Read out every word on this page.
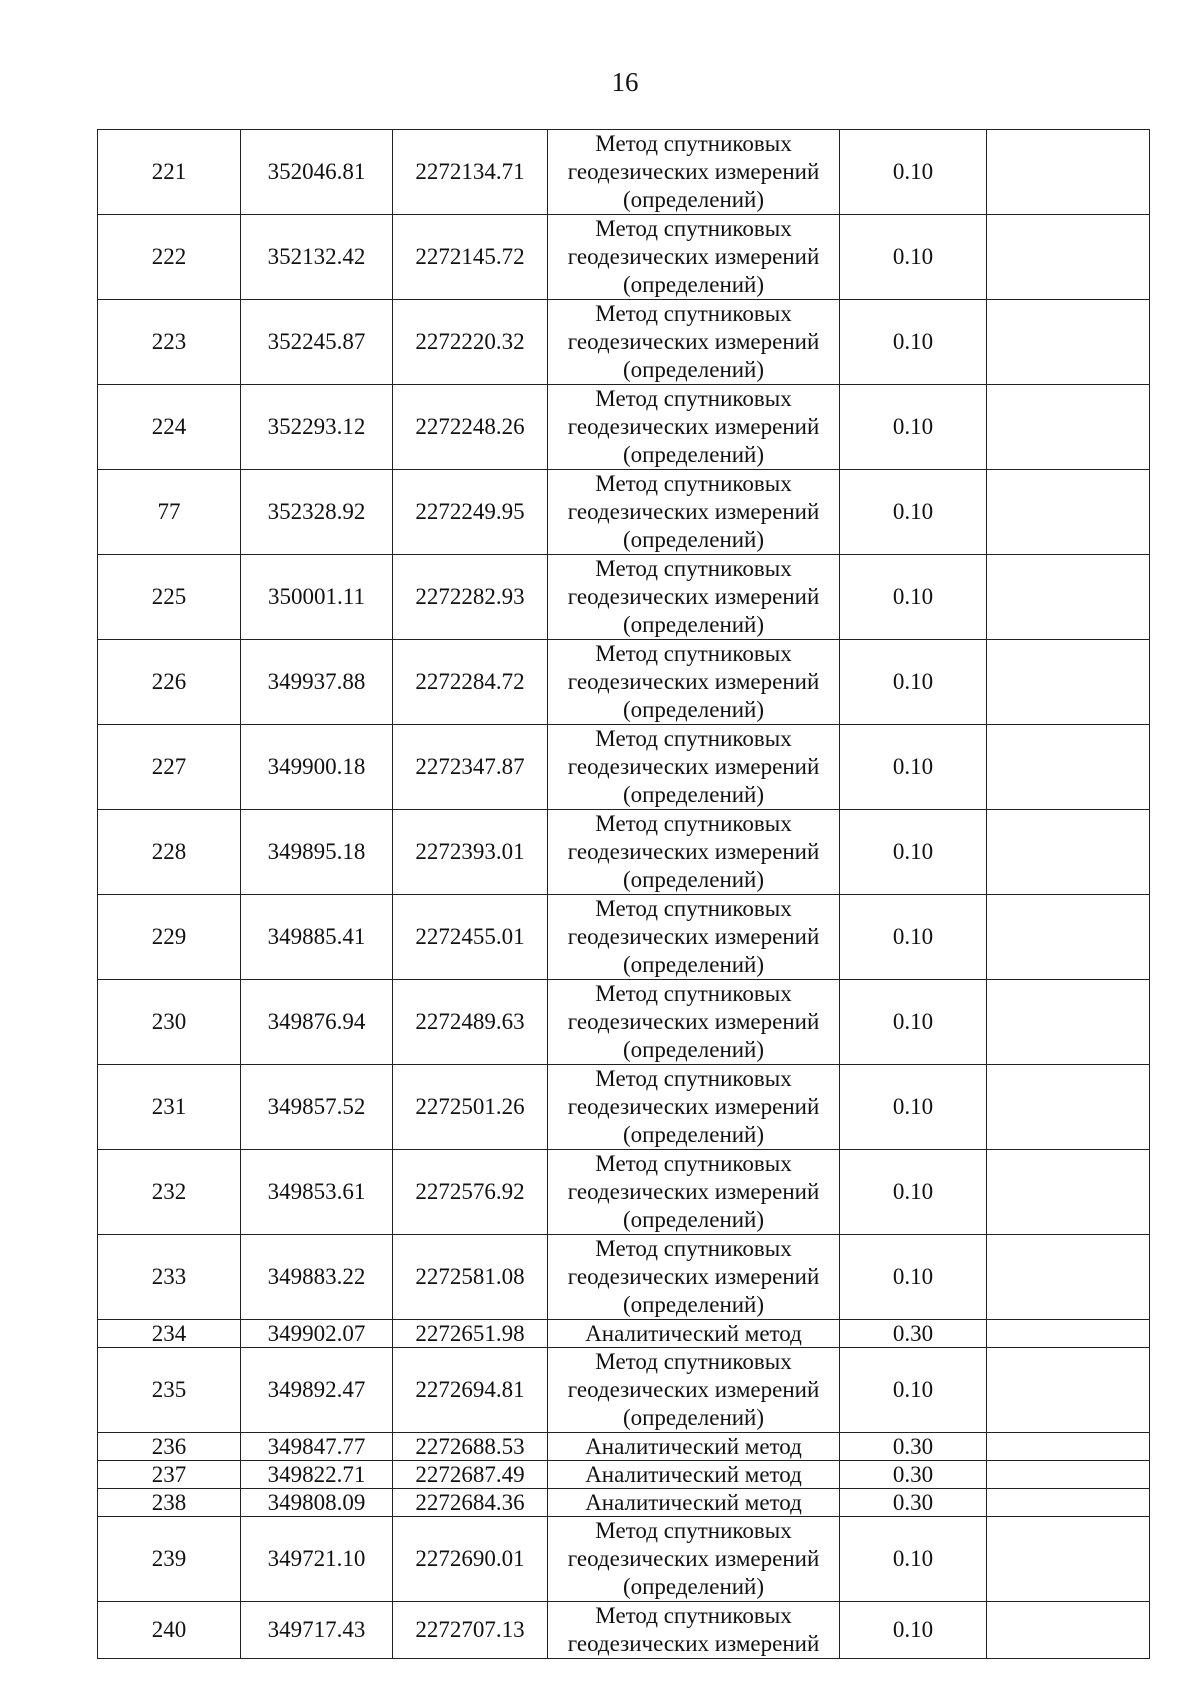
16
221	352046.81	2272134.71	Метод спутниковых
геодезических измерений
(определений)	0.10	
222	352132.42	2272145.72	Метод спутниковых
геодезических измерений
(определений)	0.10	
223	352245.87	2272220.32	Метод спутниковых
геодезических измерений
(определений)	0.10	
224	352293.12	2272248.26	Метод спутниковых
геодезических измерений
(определений)	0.10	
77	352328.92	2272249.95	Метод спутниковых
геодезических измерений
(определений)	0.10	
225	350001.11	2272282.93	Метод спутниковых
геодезических измерений
(определений)	0.10	
226	349937.88	2272284.72	Метод спутниковых
геодезических измерений
(определений)	0.10	
227	349900.18	2272347.87	Метод спутниковых
геодезических измерений
(определений)	0.10	
228	349895.18	2272393.01	Метод спутниковых
геодезических измерений
(определений)	0.10	
229	349885.41	2272455.01	Метод спутниковых
геодезических измерений
(определений)	0.10	
230	349876.94	2272489.63	Метод спутниковых
геодезических измерений
(определений)	0.10	
231	349857.52	2272501.26	Метод спутниковых
геодезических измерений
(определений)	0.10	
232	349853.61	2272576.92	Метод спутниковых
геодезических измерений
(определений)	0.10	
233	349883.22	2272581.08	Метод спутниковых
геодезических измерений
(определений)	0.10	
234	349902.07	2272651.98	Аналитический метод	0.30	
235	349892.47	2272694.81	Метод спутниковых
геодезических измерений
(определений)	0.10	
236	349847.77	2272688.53	Аналитический метод	0.30	
237	349822.71	2272687.49	Аналитический метод	0.30	
238	349808.09	2272684.36	Аналитический метод	0.30	
239	349721.10	2272690.01	Метод спутниковых
геодезических измерений
(определений)	0.10	
240	349717.43	2272707.13	Метод спутниковых
геодезических измерений	0.10	
